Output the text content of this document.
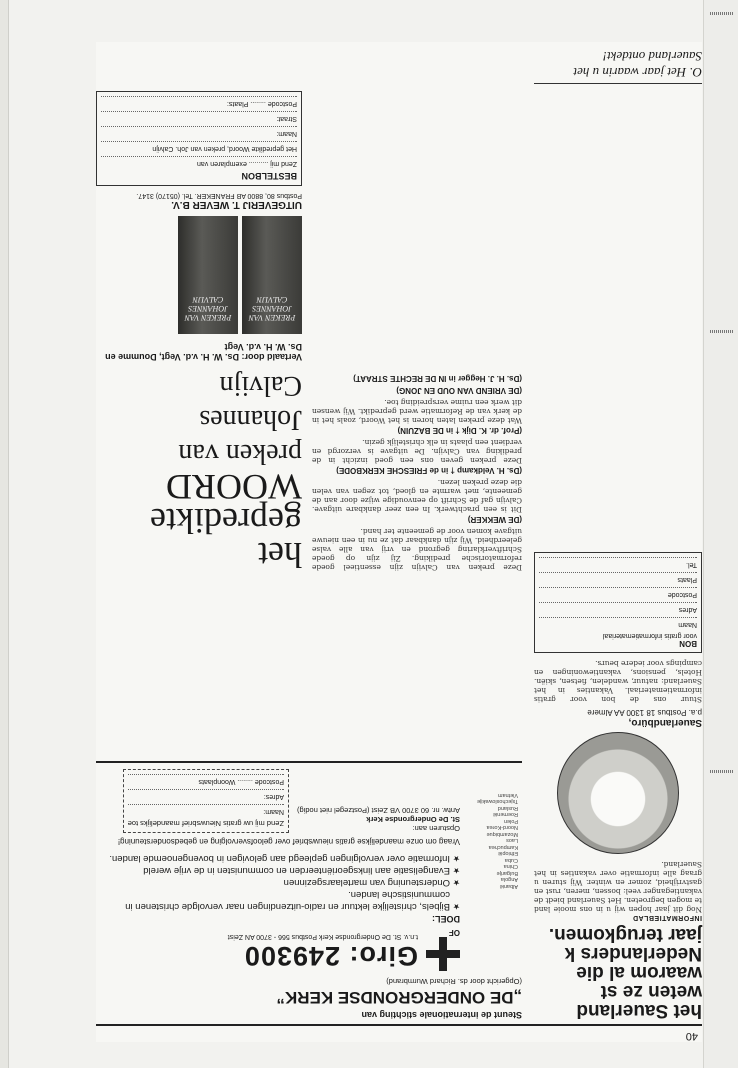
40
het Sauerland weten ze st waarom al die Nederlanders k jaar terugkomen.
INFORMATIEBLAD
Nog dit jaar hopen wij u in ons mooie land te mogen begroeten. Het Sauerland biedt de vakantieganger veel: bossen, meren, rust en gastvrijheid, zomer en winter. Wij sturen u graag alle informatie over vakanties in het Sauerland.
Sauerlandbüro,
p.a. Postbus 18 1300 AA Almere
Stuur ons de bon voor gratis informatiemateriaal. Vakanties in het Sauerland: natuur, wandelen, fietsen, skiën. Hotels, pensions, vakantiewoningen en campings voor iedere beurs.
BON
voor gratis informatiemateriaal
Naam
Adres
Postcode
Plaats
Tel.
O. Het jaar waarin u het Sauerland ontdekt!
Steunt de internationale stichting van
„DE ONDERGRONDSE KERK”
(Opgericht door ds. Richard Wurmbrand)
Albanië
Angola
Bulgarije
China
Cuba
Ethiopië
Kampuchea
Laos
Mozambique
Noord-Korea
Polen
Roemenië
Rusland
Tsjechoslowakije
Vietnam
OF
Giro: 249300
t.n.v. St. De Ondergrondse Kerk Postbus 566 - 3700 AN Zeist
DOEL:
★ Bijbels, christelijke lektuur en radio-uitzendingen naar vervolgde christenen in communistische landen.
★ Ondersteuning van martelaarsgezinnen
★ Evangelisatie aan linksgeoriënteerden en communisten in de vrije wereld
★ Informatie over vervolgingen gepleegd aan gelovigen in bovengenoemde landen.
Vraag om onze maandelijkse gratis nieuwsbrief over geloofsvervolging en gebedsondersteuning!
Opsturen aan:
St. De Ondergrondse Kerk
Antw. nr. 60 3700 VB Zeist (Postzegel niet nodig)
Zend mij uw gratis Nieuwsbrief maandelijks toe
Naam:
Adres:
Postcode ........ Woonplaats
Deze preken van Calvijn zijn essentieel goede reformatorische prediking. Zij zijn op goede Schriftverklaring gegrond en vrij van alle valse geleerdheid. Wij zijn dankbaar dat ze nu in een nieuwe uitgave komen voor de gemeente ter hand.
(DE WEKKER)
Dit is een prachtwerk. In een zeer dankbare uitgave. Calvijn gaf de Schrift op eenvoudige wijze door aan de gemeente, met warmte en gloed, tot zegen van velen die deze preken lezen.
(Ds. H. Veldkamp † in de FRIESCHE KERKBODE)
Deze preken geven ons een goed inzicht in de prediking van Calvijn. De uitgave is verzorgd en verdient een plaats in elk christelijk gezin.
(Prof. dr. K. Dijk † in DE BAZUIN)
Wat deze preken laten horen is het Woord, zoals het in de kerk van de Reformatie werd gepredikt. Wij wensen dit werk een ruime verspreiding toe.
(DE VRIEND VAN OUD EN JONG)
(Ds. H. J. Hegger in IN DE RECHTE STRAAT)
het
gepredikte
WOORD
preken van
Johannes
Calvijn
Vertaald door: Ds. W. H. v.d. Vegt, Doumme en Ds. W. H. v.d. Vegt
PREKEN VAN JOHANNES CALVIJN
PREKEN VAN JOHANNES CALVIJN
UITGEVERIJ T. WEVER B.V.
Postbus 80, 8800 AB FRANEKER. Tel. (05170) 3147.
BESTELBON
Zend mij .......... exemplaren van
Het gepredikte Woord, preken van Joh. Calvijn
Naam:
Straat:
Postcode ........ Plaats:
